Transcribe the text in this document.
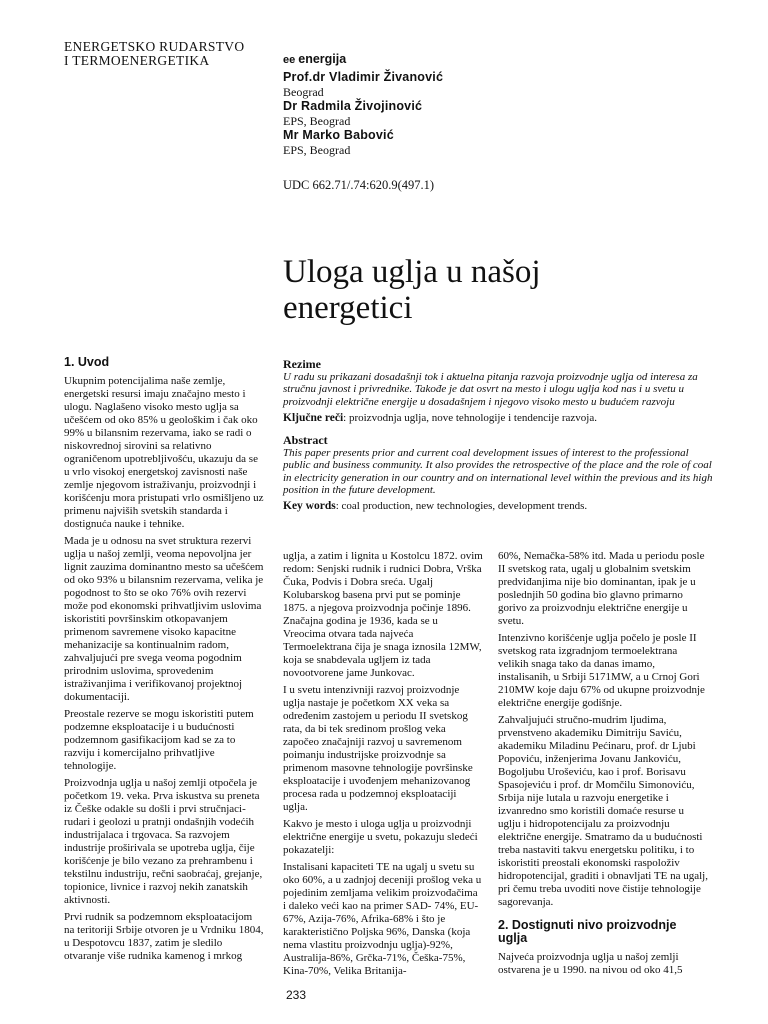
ENERGETSKO RUDARSTVO
I TERMOENERGETIKA	ee energija
Prof.dr Vladimir Živanović
Beograd
Dr Radmila Živojinović
EPS, Beograd
Mr Marko Babović
EPS, Beograd
UDC 662.71/.74:620.9(497.1)
Uloga uglja u našoj
energetici
1. Uvod

Ukupnim potencijalima naše zemlje, energetski resursi imaju značajno mesto i ulogu. Naglašeno visoko mesto uglja sa učešćem od oko 85% u geološkim i čak oko 99% u bilansnim rezervama, iako se radi o niskovrednoj sirovini sa relativno ograničenom upotrebljivošću, ukazuju da se u vrlo visokoj energetskoj zavisnosti naše zemlje njegovom istraživanju, proizvodnji i korišćenju mora pristupati vrlo osmišljeno uz primenu najviših svetskih standarda i dostignuća nauke i tehnike.

Mada je u odnosu na svet struktura rezervi uglja u našoj zemlji, veoma nepovoljna jer lignit zauzima dominantno mesto sa učešćem od oko 93% u bilansnim rezervama, velika je pogodnost to što se oko 76% ovih rezervi može pod ekonomski prihvatljivim uslovima iskoristiti površinskim otkopavanjem primenom savremene visoko kapacitne mehanizacije sa kontinualnim radom, zahvaljujući pre svega veoma pogodnim prirodnim uslovima, sprovedenim istraživanjima i verifikovanoj projektnoj dokumentaciji.

Preostale rezerve se mogu iskoristiti putem podzemne eksploatacije i u budućnosti podzemnom gasifikacijom kad se za to razviju i komercijalno prihvatljive tehnologije.

Proizvodnja uglja u našoj zemlji otpočela je početkom 19. veka. Prva iskustva su preneta iz Češke odakle su došli i prvi stručnjaci-rudari i geolozi u pratnji ondašnjih vodećih industrijalaca i trgovaca. Sa razvojem industrije proširivala se upotreba uglja, čije korišćenje je bilo vezano za prehrambenu i tekstilnu industriju, rečni saobraćaj, grejanje, topionice, livnice i razvoj nekih zanatskih aktivnosti.

Prvi rudnik sa podzemnom eksploatacijom na teritoriji Srbije otvoren je u Vrdniku 1804, u Despotovcu 1837, zatim je sledilo otvaranje više rudnika kamenog i mrkog

Rezime
U radu su prikazani dosadašnji tok i aktuelna pitanja razvoja proizvodnje uglja od interesa za stručnu javnost i privrednike. Takođe je dat osvrt na mesto i ulogu uglja kod nas i u svetu u proizvodnji električne energije u dosadašnjem i njegovo visoko mesto u budućem razvoju
Ključne reči: proizvodnja uglja, nove tehnologije i tendencije razvoja.
Abstract
This paper presents prior and current coal development issues of interest to the professional public and business community. It also provides the retrospective of the place and the role of coal in electricity generation in our country and on international level within the previous and its high position in the future development.
Key words: coal production, new technologies, development trends.

uglja, a zatim i lignita u Kostolcu 1872. ovim redom: Senjski rudnik i rudnici Dobra, Vrška Čuka, Podvis i Dobra sreća. Ugalj Kolubarskog basena prvi put se pominje 1875. a njegova proizvodnja počinje 1896. Značajna godina je 1936, kada se u Vreocima otvara tada najveća Termoelektrana čija je snaga iznosila 12MW, koja se snabdevala ugljem iz tada novootvorene jame Junkovac.

I u svetu intenzivniji razvoj proizvodnje uglja nastaje je početkom XX veka sa određenim zastojem u periodu II svetskog rata, da bi tek sredinom prošlog veka započeo značajniji razvoj u savremenom poimanju industrijske proizvodnje sa primenom masovne tehnologije površinske eksploatacije i uvođenjem mehanizovanog procesa rada u podzemnoj eksploataciji uglja.

Kakvo je mesto i uloga uglja u proizvodnji električne energije u svetu, pokazuju sledeći pokazatelji:

Instalisani kapaciteti TE na ugalj u svetu su oko 60%, a u zadnjoj deceniji prošlog veka u pojedinim zemljama velikim proizvođačima i daleko veći kao na primer SAD- 74%, EU-67%, Azija-76%, Afrika-68% i što je karakteristično Poljska 96%, Danska (koja nema vlastitu proizvodnju uglja)-92%, Australija-86%, Grčka-71%, Češka-75%, Kina-70%, Velika Britanija-

60%, Nemačka-58% itd. Mada u periodu posle II svetskog rata, ugalj u globalnim svetskim predviđanjima nije bio dominantan, ipak je u poslednjih 50 godina bio glavno primarno gorivo za proizvodnju električne energije u svetu.

Intenzivno korišćenje uglja počelo je posle II svetskog rata izgradnjom termoelektrana velikih snaga tako da danas imamo, instalisanih, u Srbiji 5171MW, a u Crnoj Gori 210MW koje daju 67% od ukupne proizvodnje električne energije godišnje.

Zahvaljujući stručno-mudrim ljudima, prvenstveno akademiku Dimitriju Saviću, akademiku Miladinu Pećinaru, prof. dr Ljubi Popoviću, inženjerima Jovanu Jankoviću, Bogoljubu Uroševiću, kao i prof. Borisavu Spasojeviću i prof. dr Momčilu Simonoviću, Srbija nije lutala u razvoju energetike i izvanredno smo koristili domaće resurse u uglju i hidropotencijalu za proizvodnju električne energije. Smatramo da u budućnosti treba nastaviti takvu energetsku politiku, i to iskoristiti preostali ekonomski raspoloživ hidropotencijal, graditi i obnavljati TE na ugalj, pri čemu treba uvoditi nove čistije tehnologije sagorevanja.

2. Dostignuti nivo proizvodnje uglja

Najveća proizvodnja uglja u našoj zemlji ostvarena je u 1990. na nivou od oko 41,5

233
